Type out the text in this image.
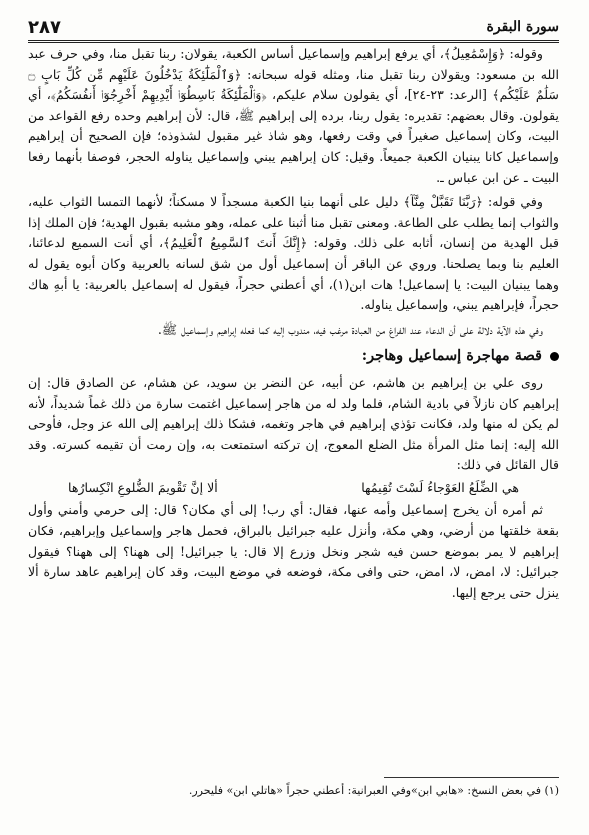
سورة البقرة
٢٨٧

وقوله: ﴿وَإِسْمَٰعِيلُ﴾، أي يرفع إبراهيم وإسماعيل أساس الكعبة، يقولان: ربنا تقبل منا، وفي حرف عبد الله بن مسعود: ويقولان ربنا تقبل منا، ومثله قوله سبحانه: ﴿وَٱلْمَلَٰٓئِكَةُ يَدْخُلُونَ عَلَيْهِم مِّن كُلِّ بَابٍ ۝ سَلَٰمٌ عَلَيْكُم﴾ [الرعد: ٢٣-٢٤]، أي يقولون سلام عليكم، ﴿وَٱلْمَلَٰٓئِكَةُ بَاسِطُوٓا۟ أَيْدِيهِمْ أَخْرِجُوٓا۟ أَنفُسَكُمُ﴾، أي يقولون. وقال بعضهم: تقديره: يقول ربنا، برده إلى إبراهيم ﷺ، قال: لأن إبراهيم وحده رفع القواعد من البيت، وكان إسماعيل صغيراً في وقت رفعها، وهو شاذ غير مقبول لشذوذه؛ فإن الصحيح أن إبراهيم وإسماعيل كانا يبنيان الكعبة جميعاً. وقيل: كان إبراهيم يبني وإسماعيل يناوله الحجر، فوصفا بأنهما رفعا البيت ـ عن ابن عباس ـ.

وفي قوله: ﴿رَبَّنَا تَقَبَّلْ مِنَّآ﴾ دليل على أنهما بنيا الكعبة مسجداً لا مسكناً؛ لأنهما التمسا الثواب عليه، والثواب إنما يطلب على الطاعة. ومعنى تقبل منا أثبنا على عمله، وهو مشبه بقبول الهدية؛ فإن الملك إذا قبل الهدية من إنسان، أثابه على ذلك. وقوله: ﴿إِنَّكَ أَنتَ ٱلسَّمِيعُ ٱلْعَلِيمُ﴾، أي أنت السميع لدعائنا، العليم بنا وبما يصلحنا. وروي عن الباقر أن إسماعيل أول من شق لسانه بالعربية وكان أبوه يقول له وهما يبنيان البيت: يا إسماعيل! هات ابن(١)، أي أعطني حجراً، فيقول له إسماعيل بالعربية: يا أبهِ هاك حجراً، فإبراهيم يبني، وإسماعيل يناوله.

وفي هذه الآية دلالة على أن الدعاء عند الفراغ من العبادة مرغب فيه، مندوب إليه كما فعله إبراهيم وإسماعيل ﷺ.

قصة مهاجرة إسماعيل وهاجر:

روى علي بن إبراهيم بن هاشم، عن أبيه، عن النضر بن سويد، عن هشام، عن الصادق قال: إن إبراهيم كان نازلاً في بادية الشام، فلما ولد له من هاجر إسماعيل اغتمت سارة من ذلك غماً شديداً، لأنه لم يكن له منها ولد، فكانت تؤذي إبراهيم في هاجر وتغمه، فشكا ذلك إبراهيم إلى الله عز وجل، فأوحى الله إليه: إنما مثل المرأة مثل الضلع المعوج، إن تركته استمتعت به، وإن رمت أن تقيمه كسرته. وقد قال القائل في ذلك:

هي الضِّلَعُ العَوْجاءُ لَسْتَ تُقِيمُها
ألا إنَّ تَقْويمَ الضُّلوعِ انْكِسارُها

ثم أمره أن يخرج إسماعيل وأمه عنها، فقال: أي رب! إلى أي مكان؟ قال: إلى حرمي وأمني وأول بقعة خلقتها من أرضي، وهي مكة، وأنزل عليه جبرائيل بالبراق، فحمل هاجر وإسماعيل وإبراهيم، فكان إبراهيم لا يمر بموضع حسن فيه شجر ونخل وزرع إلا قال: يا جبرائيل! إلى ههنا؟ إلى ههنا؟ فيقول جبرائيل: لا، امض، لا، امض، حتى وافى مكة، فوضعه في موضع البيت، وقد كان إبراهيم عاهد سارة ألا ينزل حتى يرجع إليها.

(١) في بعض النسخ: «هابي ابن»وفي العبرانية: أعطني حجراً «هاتلي ابن» فليحرر.
